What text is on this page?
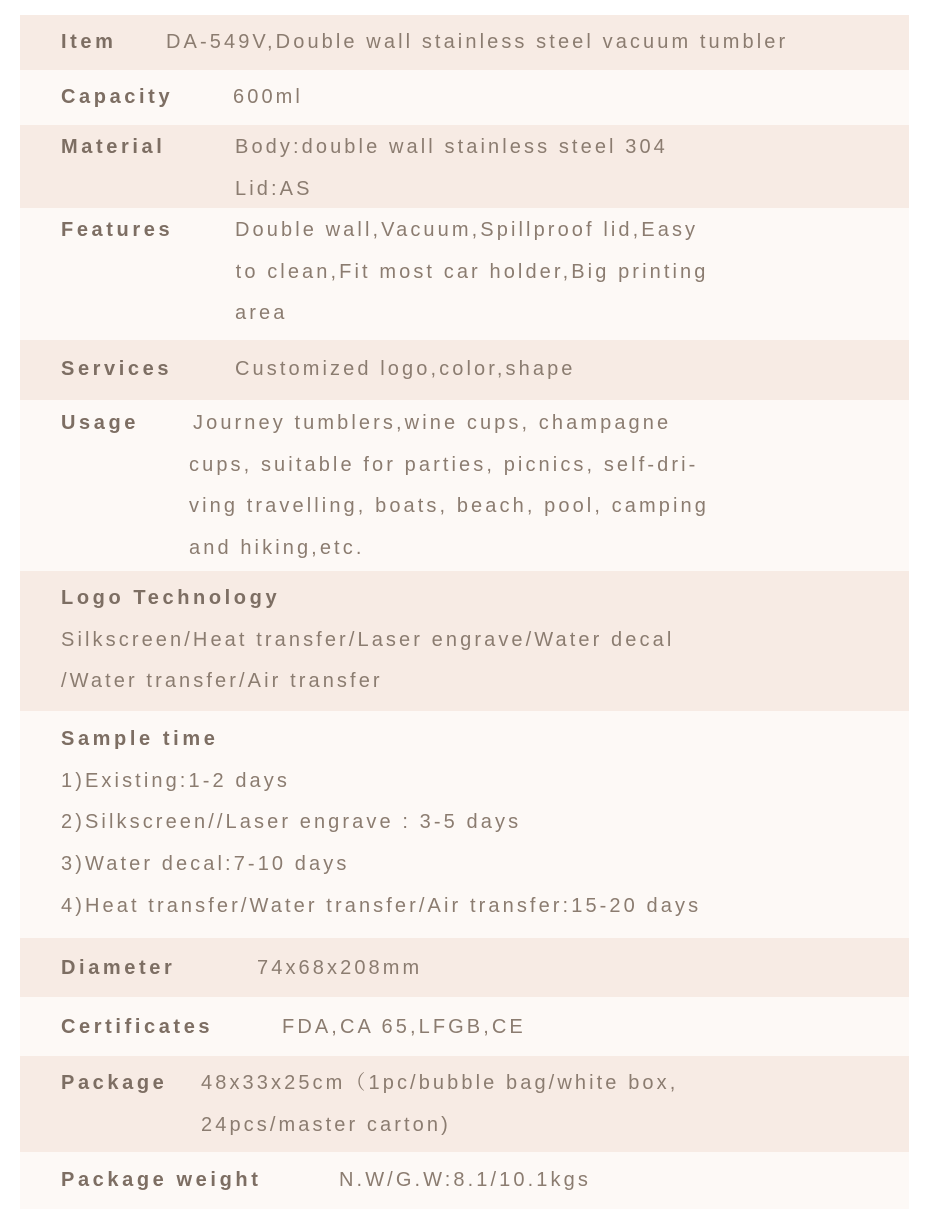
Item DA-549V,Double wall stainless steel vacuum tumbler
Capacity	600ml
Material	Body:double wall stainless steel 304
Lid:AS
Features	Double wall,Vacuum,Spillproof lid,Easy
to clean,Fit most car holder,Big printing
area
Services	Customized logo,color,shape
Usage	Journey tumblers,wine cups, champagne
cups, suitable for parties, picnics, self-dri-
ving travelling, boats, beach, pool, camping
and hiking,etc.
Logo Technology
Silkscreen/Heat transfer/Laser engrave/Water decal
/Water transfer/Air transfer
Sample time
1)Existing:1-2 days
2)Silkscreen//Laser engrave : 3-5 days
3)Water decal:7-10 days
4)Heat transfer/Water transfer/Air transfer:15-20 days
Diameter	74x68x208mm
Certificates	FDA,CA 65,LFGB,CE
Package 48x33x25cm（1pc/bubble bag/white box,
24pcs/master carton)
Package weight	N.W/G.W:8.1/10.1kgs
